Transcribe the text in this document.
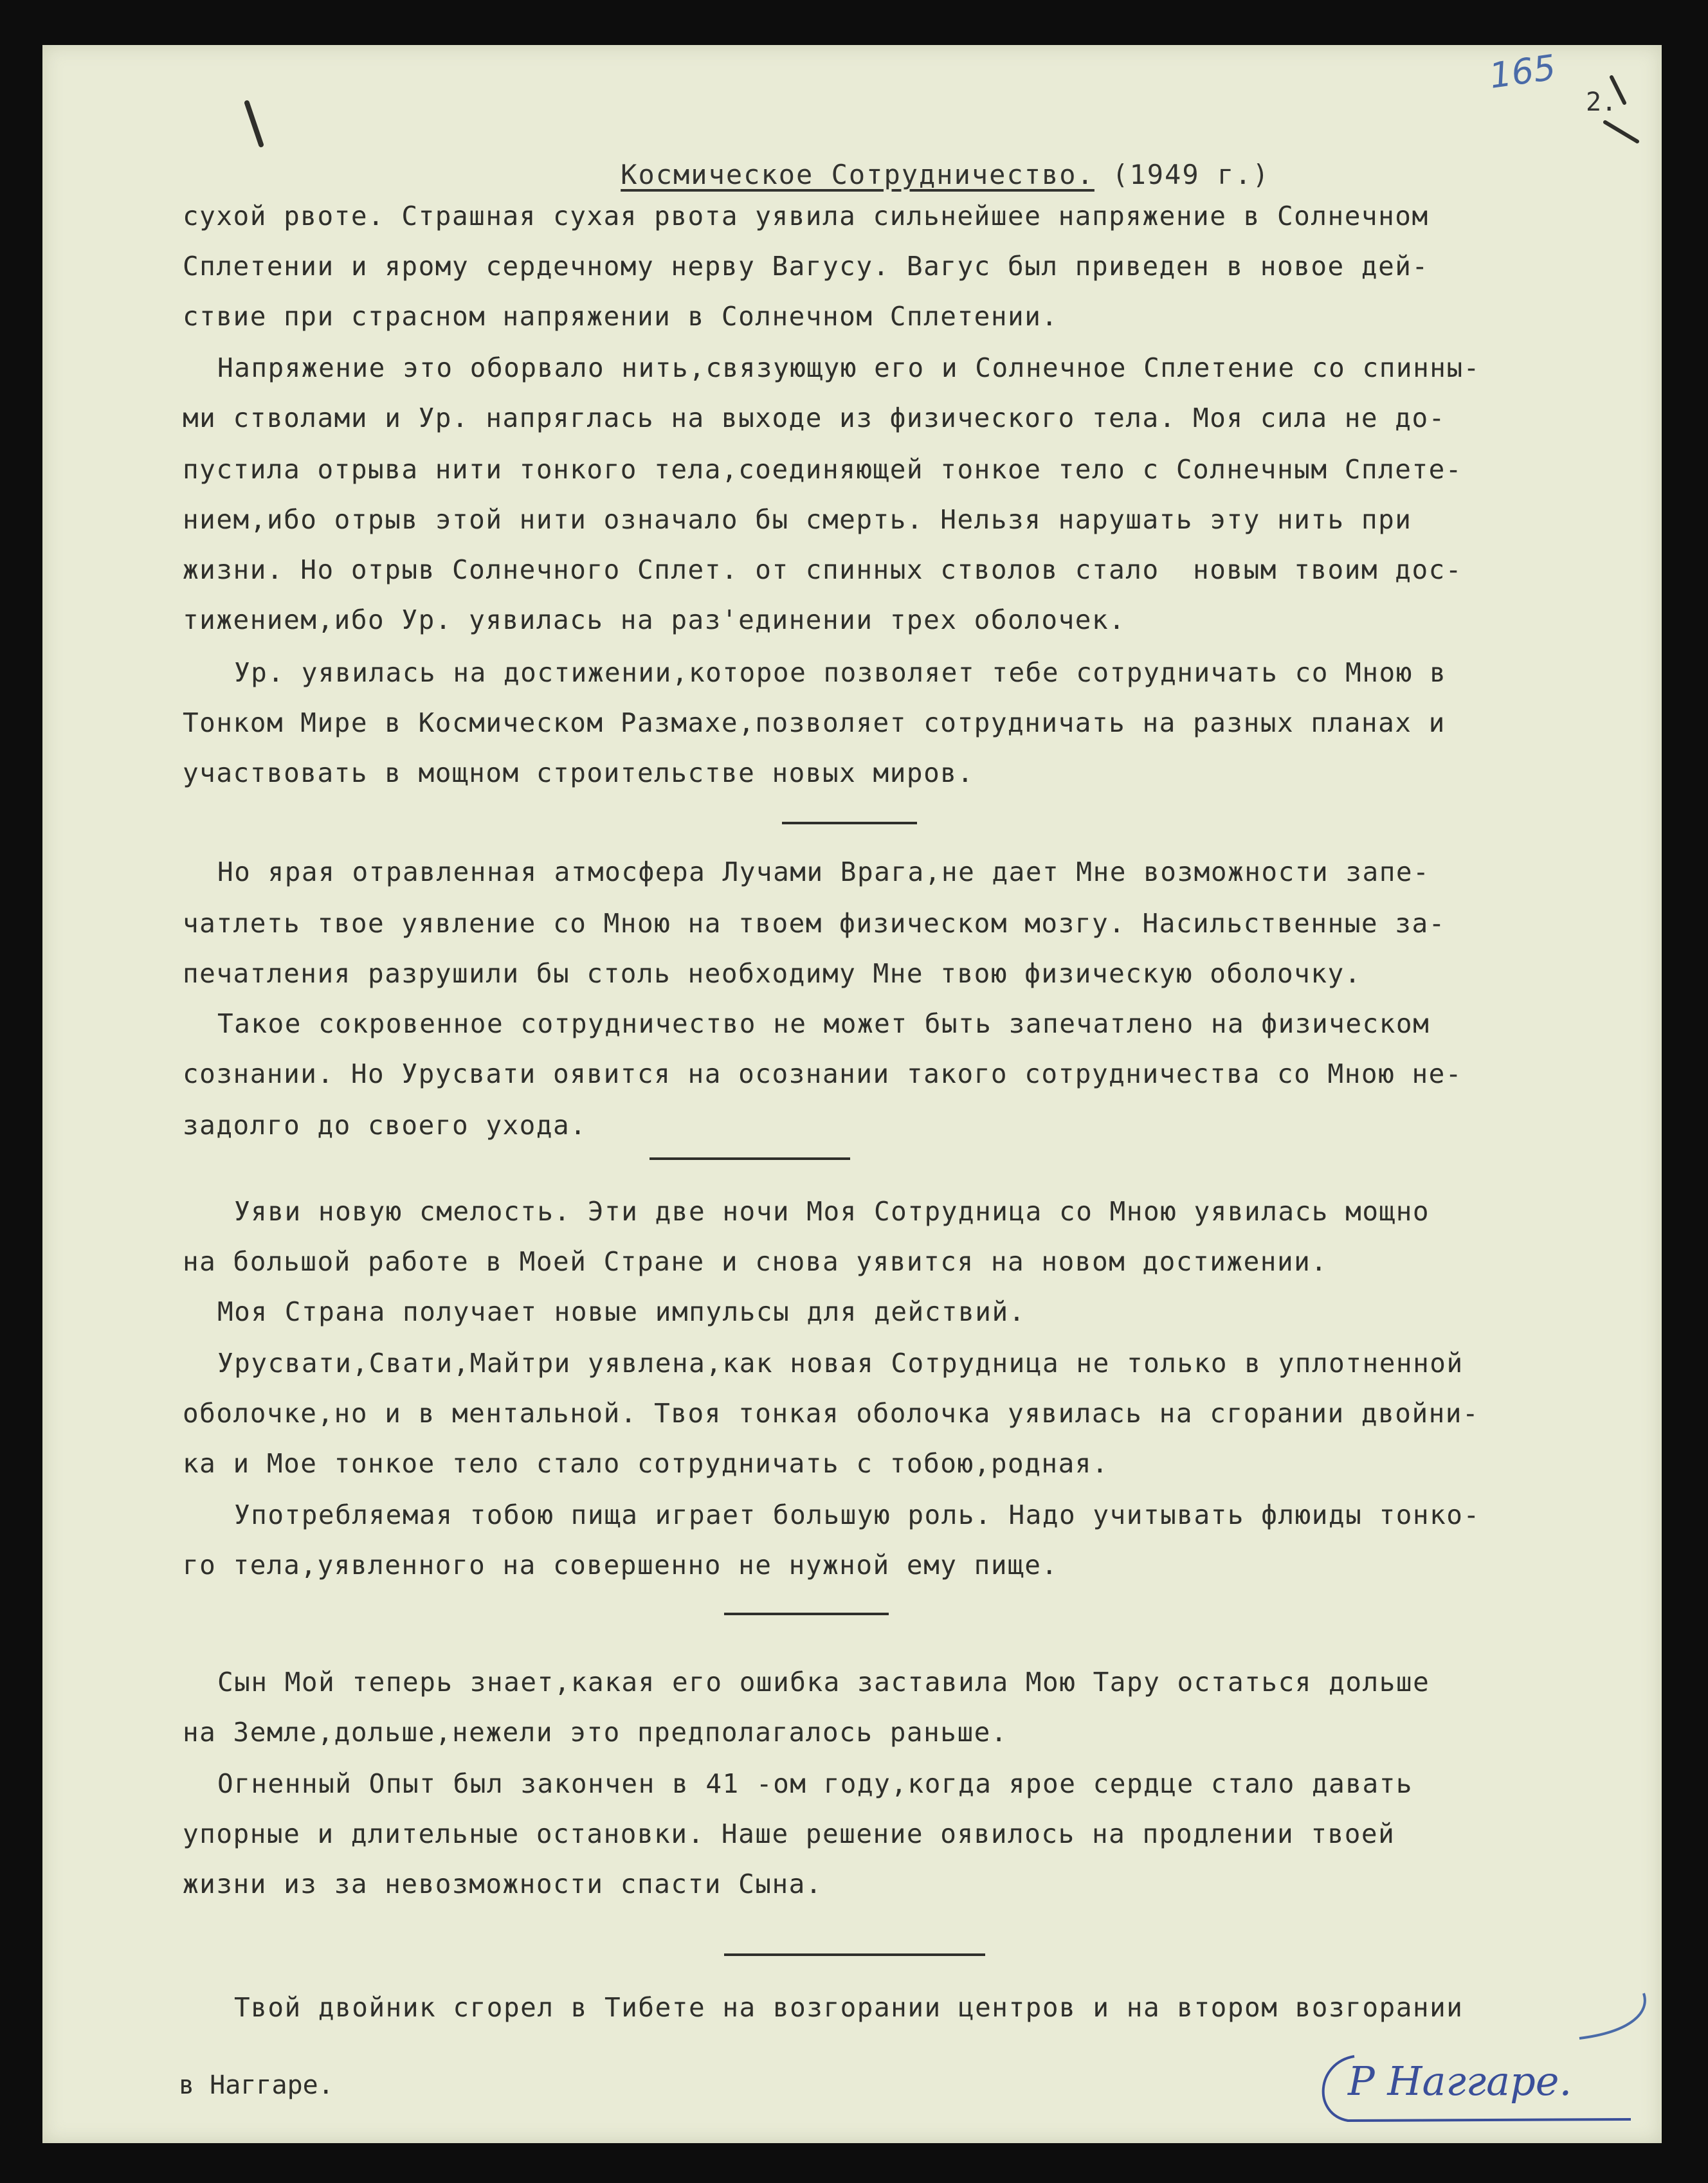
165
2.

Космическое Сотрудничество. (1949 г.)

сухой рвоте. Страшная сухая рвота уявила сильнейшее напряжение в Солнечном
Сплетении и ярому сердечному нерву Вагусу. Вагус был приведен в новое дей-
ствие при страсном напряжении в Солнечном Сплетении.
Напряжение это оборвало нить,связующую его и Солнечное Сплетение со спинны-
ми стволами и Ур. напряглась на выходе из физического тела. Моя сила не до-
пустила отрыва нити тонкого тела,соединяющей тонкое тело с Солнечным Сплете-
нием,ибо отрыв этой нити означало бы смерть. Нельзя нарушать эту нить при
жизни. Но отрыв Солнечного Сплет. от спинных стволов стало  новым твоим дос-
тижением,ибо Ур. уявилась на раз'единении трех оболочек.
Ур. уявилась на достижении,которое позволяет тебе сотрудничать со Мною в
Тонком Мире в Космическом Размахе,позволяет сотрудничать на разных планах и
участвовать в мощном строительстве новых миров.
Но ярая отравленная атмосфера Лучами Врага,не дает Мне возможности запе-
чатлеть твое уявление со Мною на твоем физическом мозгу. Насильственные за-
печатления разрушили бы столь необходиму Мне твою физическую оболочку.
Такое сокровенное сотрудничество не может быть запечатлено на физическом
сознании. Но Урусвати оявится на осознании такого сотрудничества со Мною не-
задолго до своего ухода.
Уяви новую смелость. Эти две ночи Моя Сотрудница со Мною уявилась мощно
на большой работе в Моей Стране и снова уявится на новом достижении.
Моя Страна получает новые импульсы для действий.
Урусвати,Свати,Майтри уявлена,как новая Сотрудница не только в уплотненной
оболочке,но и в ментальной. Твоя тонкая оболочка уявилась на сгорании двойни-
ка и Мое тонкое тело стало сотрудничать с тобою,родная.
Употребляемая тобою пища играет большую роль. Надо учитывать флюиды тонко-
го тела,уявленного на совершенно не нужной ему пище.
Сын Мой теперь знает,какая его ошибка заставила Мою Тару остаться дольше
на Земле,дольше,нежели это предполагалось раньше.
Огненный Опыт был закончен в 41 -ом году,когда ярое сердце стало давать
упорные и длительные остановки. Наше решение оявилось на продлении твоей
жизни из за невозможности спасти Сына.
Твой двойник сгорел в Тибете на возгорании центров и на втором возгорании
в Наггаре.	Р Наггаре.
